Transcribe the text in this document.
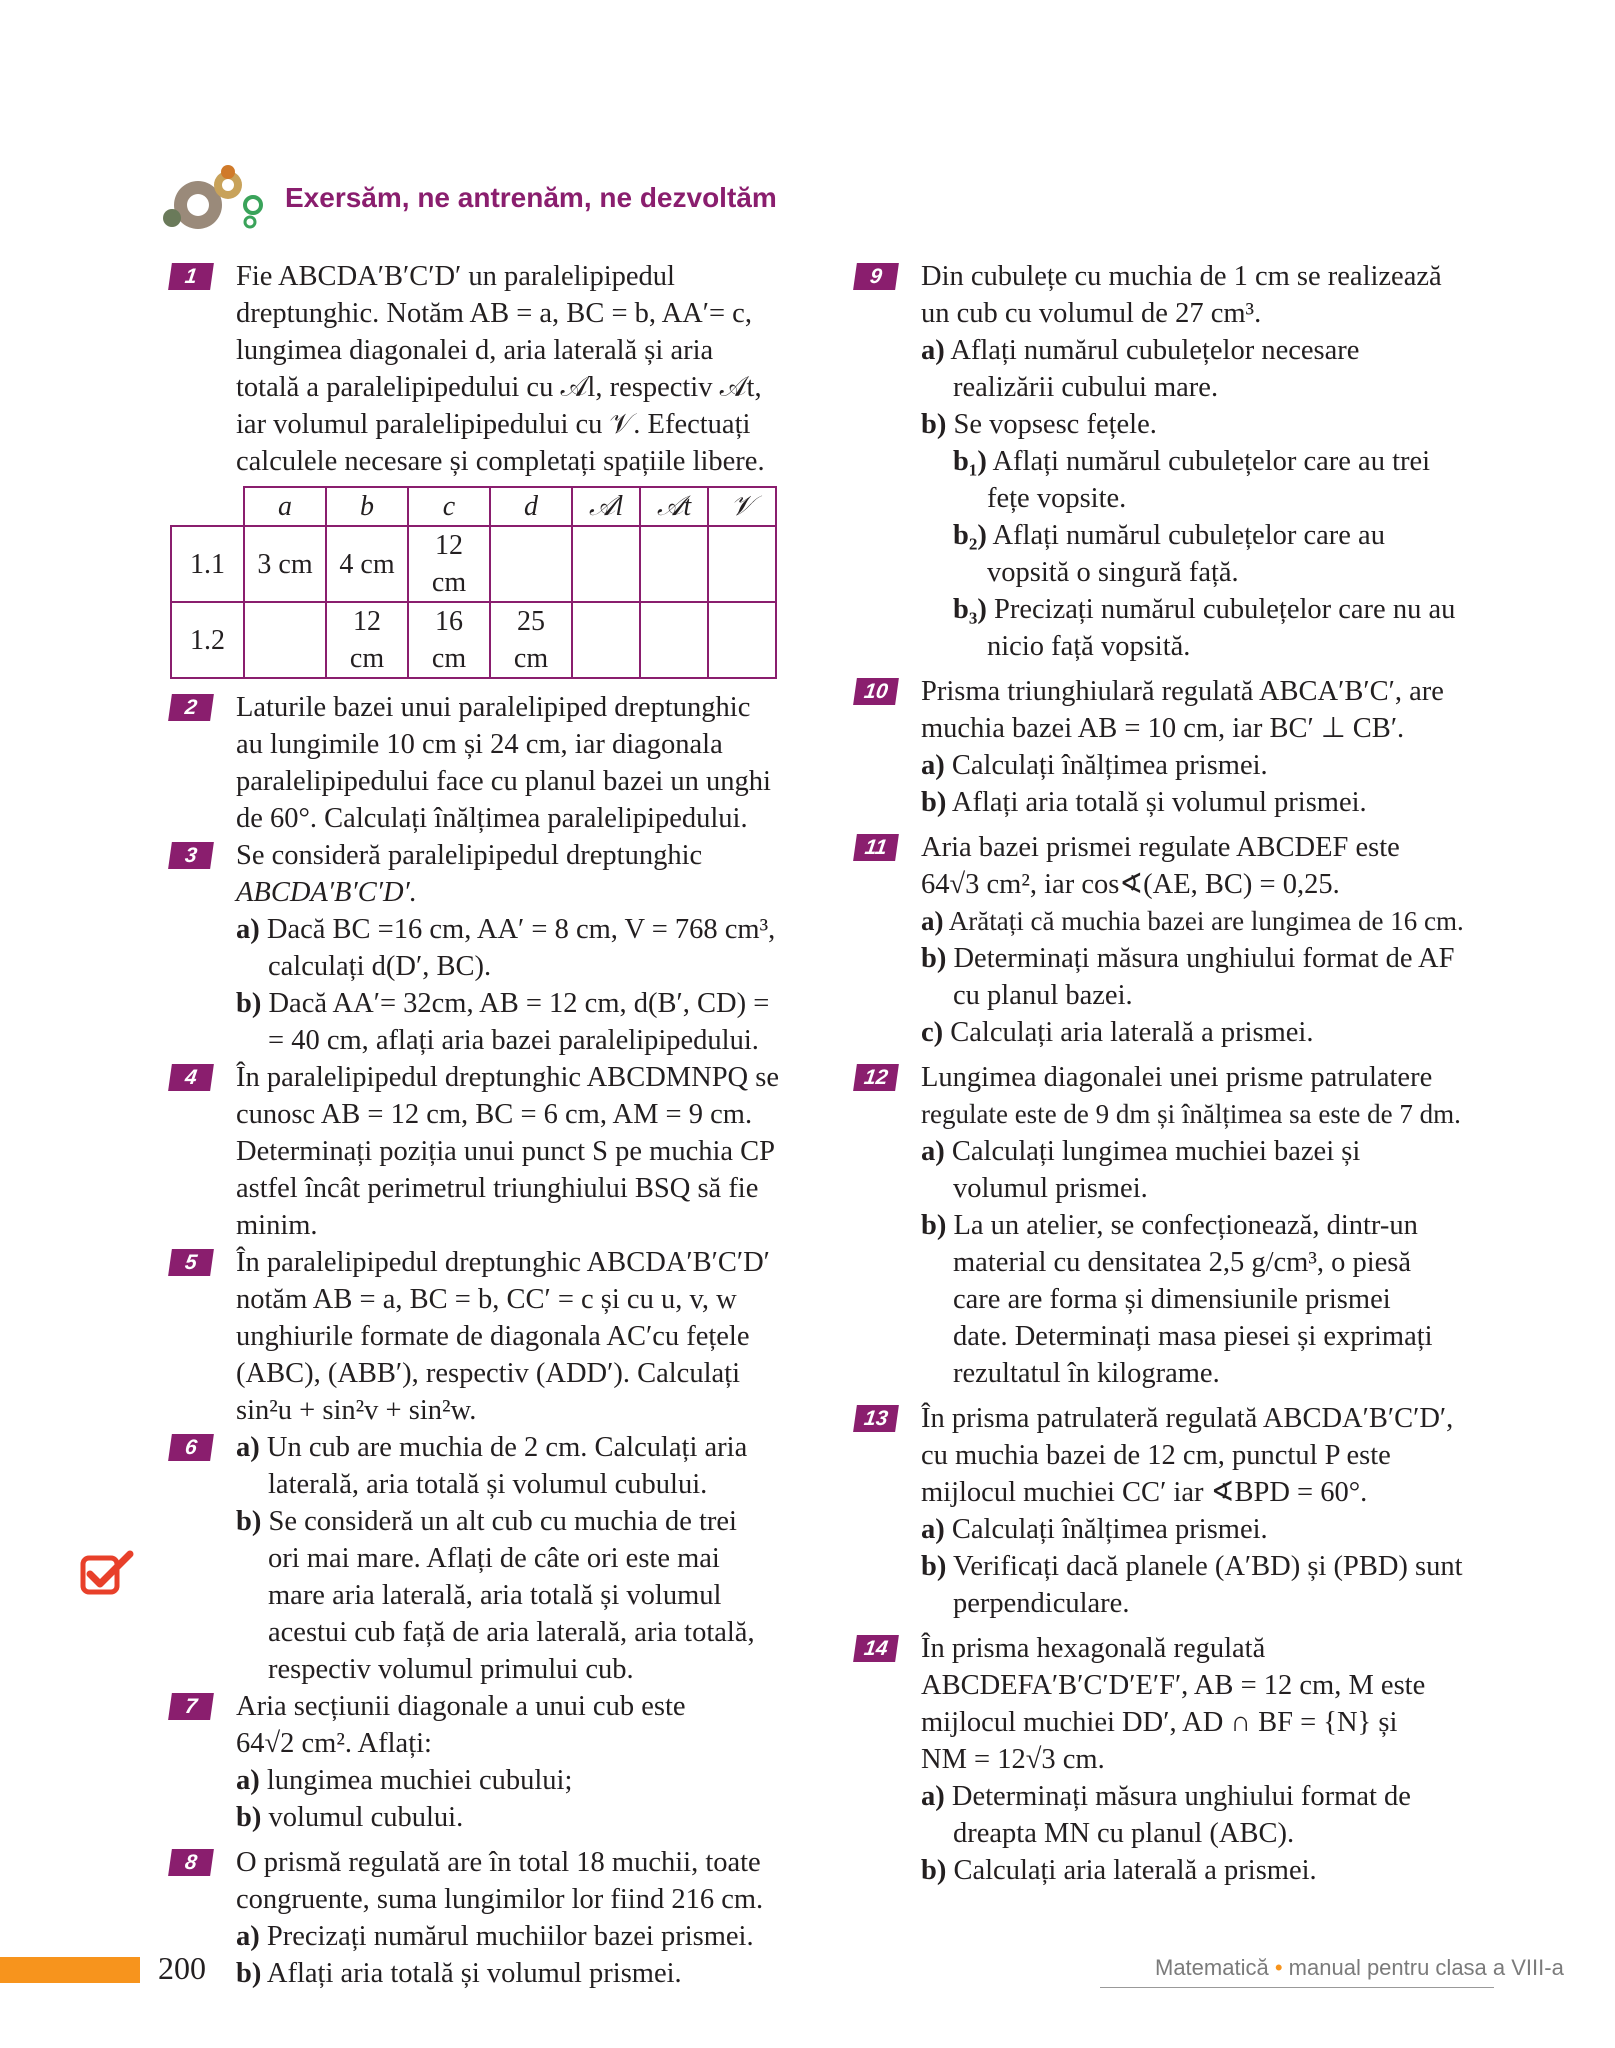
Exersăm, ne antrenăm, ne dezvoltăm
1	Fie ABCDA′B′C′D′ un paralelipipedul
dreptunghic. Notăm AB = a, BC = b, AA′= c,
lungimea diagonalei d, aria laterală și aria
totală a paralelipipedului cu 𝒜l, respectiv 𝒜t,
iar volumul paralelipipedului cu 𝒱. Efectuați
calculele necesare și completați spațiile libere.
	a	b	c	d	𝒜l	𝒜t	𝒱
1.1	3 cm	4 cm	12 cm				
1.2		12 cm	16 cm	25 cm			
2	Laturile bazei unui paralelipiped dreptunghic
au lungimile 10 cm și 24 cm, iar diagonala
paralelipipedului face cu planul bazei un unghi
de 60°. Calculați înălțimea paralelipipedului.
3	Se consideră paralelipipedul dreptunghic
ABCDA′B′C′D′.
a) Dacă BC =16 cm, AA′ = 8 cm, V = 768 cm³,
calculați d(D′, BC).
b) Dacă AA′= 32cm, AB = 12 cm, d(B′, CD) =
= 40 cm, aflați aria bazei paralelipipedului.
4	În paralelipipedul dreptunghic ABCDMNPQ se
cunosc AB = 12 cm, BC = 6 cm, AM = 9 cm.
Determinați poziția unui punct S pe muchia CP
astfel încât perimetrul triunghiului BSQ să fie
minim.
5	În paralelipipedul dreptunghic ABCDA′B′C′D′
notăm AB = a, BC = b, CC′ = c și cu u, v, w
unghiurile formate de diagonala AC′cu fețele
(ABC), (ABB′), respectiv (ADD′). Calculați
sin²u + sin²v + sin²w.
6	a) Un cub are muchia de 2 cm. Calculați aria
laterală, aria totală și volumul cubului.
b) Se consideră un alt cub cu muchia de trei
ori mai mare. Aflați de câte ori este mai
mare aria laterală, aria totală și volumul
acestui cub față de aria laterală, aria totală,
respectiv volumul primului cub.
7	Aria secțiunii diagonale a unui cub este
64√2 cm². Aflați:
a) lungimea muchiei cubului;
b) volumul cubului.
8	O prismă regulată are în total 18 muchii, toate
congruente, suma lungimilor lor fiind 216 cm.
a) Precizați numărul muchiilor bazei prismei.
b) Aflați aria totală și volumul prismei.
9	Din cubulețe cu muchia de 1 cm se realizează
un cub cu volumul de 27 cm³.
a) Aflați numărul cubulețelor necesare
realizării cubului mare.
b) Se vopsesc fețele.
b₁) Aflați numărul cubulețelor care au trei
fețe vopsite.
b₂) Aflați numărul cubulețelor care au
vopsită o singură față.
b₃) Precizați numărul cubulețelor care nu au
nicio față vopsită.
10	Prisma triunghiulară regulată ABCA′B′C′, are
muchia bazei AB = 10 cm, iar BC′ ⊥ CB′.
a) Calculați înălțimea prismei.
b) Aflați aria totală și volumul prismei.
11	Aria bazei prismei regulate ABCDEF este
64√3 cm², iar cos∢(AE, BC) = 0,25.
a) Arătați că muchia bazei are lungimea de 16 cm.
b) Determinați măsura unghiului format de AF
cu planul bazei.
c) Calculați aria laterală a prismei.
12	Lungimea diagonalei unei prisme patrulatere
regulate este de 9 dm și înălțimea sa este de 7 dm.
a) Calculați lungimea muchiei bazei și
volumul prismei.
b) La un atelier, se confecționează, dintr-un
material cu densitatea 2,5 g/cm³, o piesă
care are forma și dimensiunile prismei
date. Determinați masa piesei și exprimați
rezultatul în kilograme.
13	În prisma patrulateră regulată ABCDA′B′C′D′,
cu muchia bazei de 12 cm, punctul P este
mijlocul muchiei CC′ iar ∢BPD = 60°.
a) Calculați înălțimea prismei.
b) Verificați dacă planele (A′BD) și (PBD) sunt
perpendiculare.
14	În prisma hexagonală regulată
ABCDEFA′B′C′D′E′F′, AB = 12 cm, M este
mijlocul muchiei DD′, AD ∩ BF = {N} și
NM = 12√3 cm.
a) Determinați măsura unghiului format de
dreapta MN cu planul (ABC).
b) Calculați aria laterală a prismei.
200	Matematică • manual pentru clasa a VIII-a
